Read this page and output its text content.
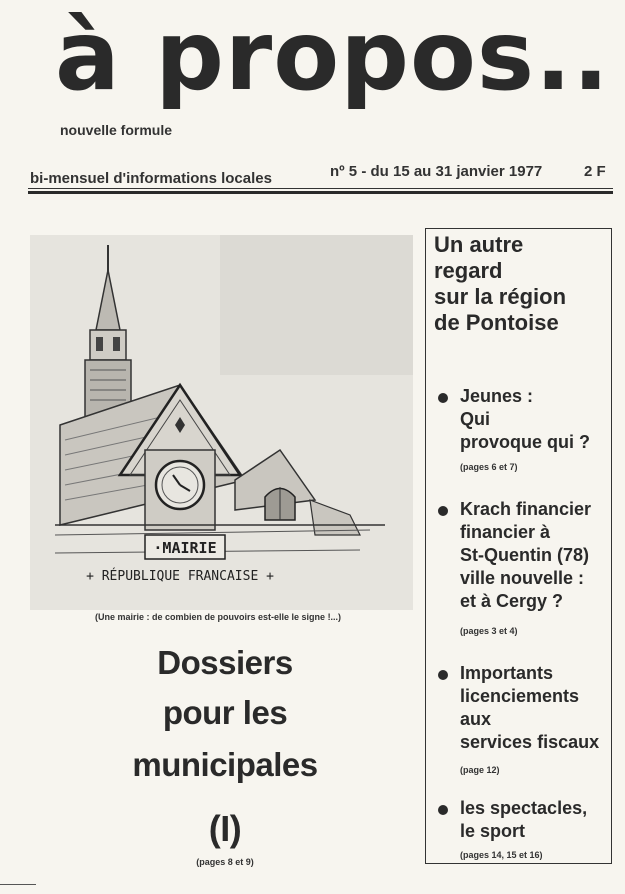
à propos..
nouvelle formule
bi-mensuel d'informations locales	nº 5 - du 15 au 31 janvier 1977	2 F
·MAIRIE
+ RÉPUBLIQUE FRANCAISE +
(Une mairie : de combien de pouvoirs est-elle le signe !...)
Dossiers
pour les
municipales
(I)
(pages 8 et 9)
Un autre
regard
sur la région
de Pontoise
Jeunes :
Qui
provoque qui ?
(pages 6 et 7)
Krach financier
financier à
St-Quentin (78)
ville nouvelle :
et à Cergy ?
(pages 3 et 4)
Importants
licenciements
aux
services fiscaux
(page 12)
les spectacles,
le sport
(pages 14, 15 et 16)
